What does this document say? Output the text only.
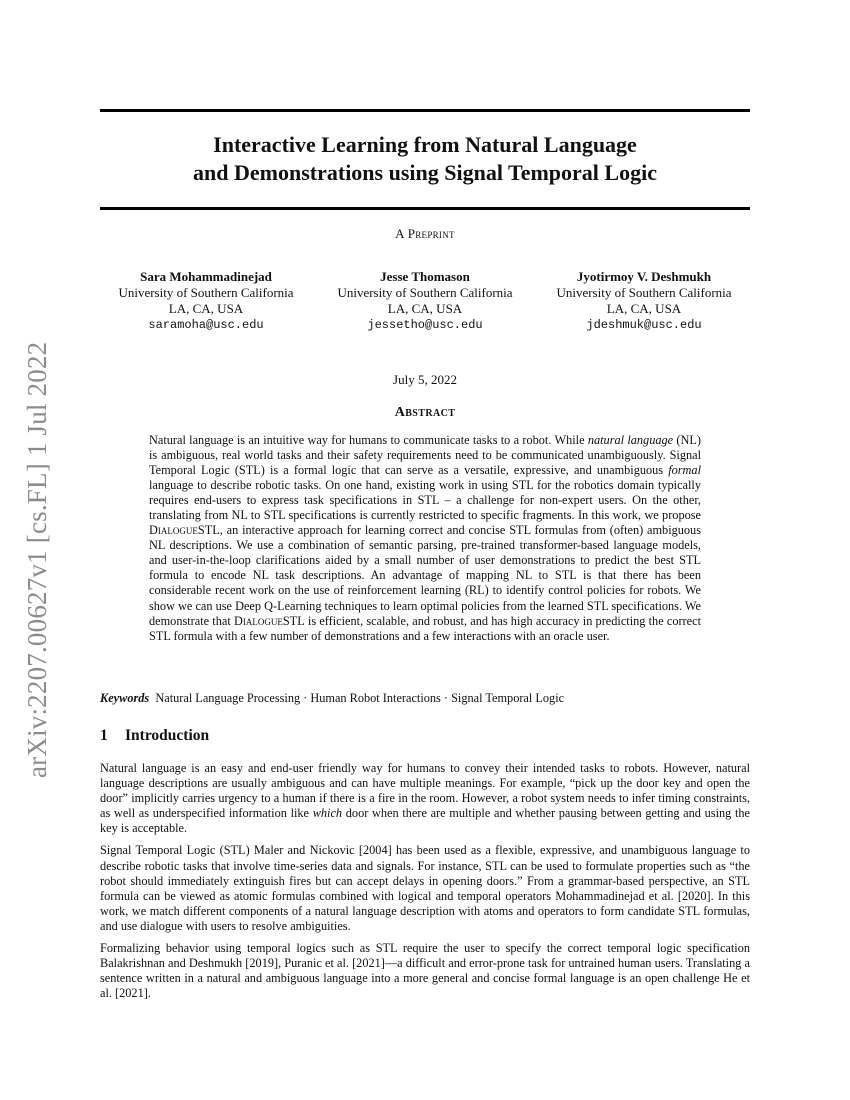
arXiv:2207.00627v1 [cs.FL] 1 Jul 2022
Interactive Learning from Natural Language
and Demonstrations using Signal Temporal Logic
A Preprint
Sara Mohammadinejad
University of Southern California
LA, CA, USA
saramoha@usc.edu
Jesse Thomason
University of Southern California
LA, CA, USA
jessetho@usc.edu
Jyotirmoy V. Deshmukh
University of Southern California
LA, CA, USA
jdeshmuk@usc.edu
July 5, 2022
Abstract

Natural language is an intuitive way for humans to communicate tasks to a robot. While natural language (NL) is ambiguous, real world tasks and their safety requirements need to be communicated unambiguously. Signal Temporal Logic (STL) is a formal logic that can serve as a versatile, expressive, and unambiguous formal language to describe robotic tasks. On one hand, existing work in using STL for the robotics domain typically requires end-users to express task specifications in STL – a challenge for non-expert users. On the other, translating from NL to STL specifications is currently restricted to specific fragments. In this work, we propose DialogueSTL, an interactive approach for learning correct and concise STL formulas from (often) ambiguous NL descriptions. We use a combination of semantic parsing, pre-trained transformer-based language models, and user-in-the-loop clarifications aided by a small number of user demonstrations to predict the best STL formula to encode NL task descriptions. An advantage of mapping NL to STL is that there has been considerable recent work on the use of reinforcement learning (RL) to identify control policies for robots. We show we can use Deep Q-Learning techniques to learn optimal policies from the learned STL specifications. We demonstrate that DialogueSTL is efficient, scalable, and robust, and has high accuracy in predicting the correct STL formula with a few number of demonstrations and a few interactions with an oracle user.

Keywords Natural Language Processing · Human Robot Interactions · Signal Temporal Logic
1 Introduction

Natural language is an easy and end-user friendly way for humans to convey their intended tasks to robots. However, natural language descriptions are usually ambiguous and can have multiple meanings. For example, “pick up the door key and open the door” implicitly carries urgency to a human if there is a fire in the room. However, a robot system needs to infer timing constraints, as well as underspecified information like which door when there are multiple and whether pausing between getting and using the key is acceptable.

Signal Temporal Logic (STL) Maler and Nickovic [2004] has been used as a flexible, expressive, and unambiguous language to describe robotic tasks that involve time-series data and signals. For instance, STL can be used to formulate properties such as “the robot should immediately extinguish fires but can accept delays in opening doors.” From a grammar-based perspective, an STL formula can be viewed as atomic formulas combined with logical and temporal operators Mohammadinejad et al. [2020]. In this work, we match different components of a natural language description with atoms and operators to form candidate STL formulas, and use dialogue with users to resolve ambiguities.

Formalizing behavior using temporal logics such as STL require the user to specify the correct temporal logic specification Balakrishnan and Deshmukh [2019], Puranic et al. [2021]—a difficult and error-prone task for untrained human users. Translating a sentence written in a natural and ambiguous language into a more general and concise formal language is an open challenge He et al. [2021].
